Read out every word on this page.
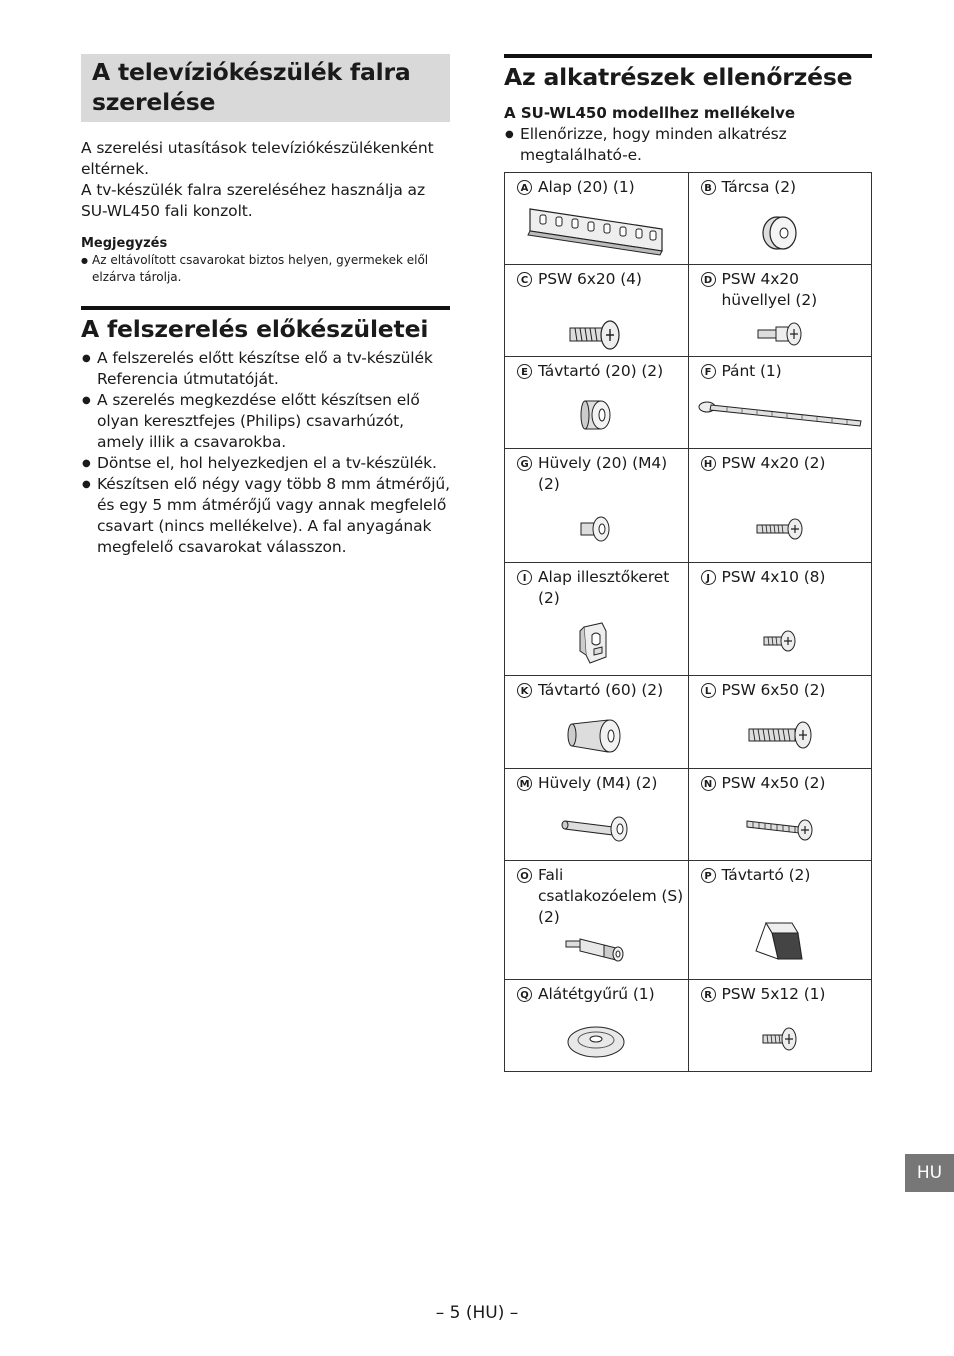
A televíziókészülék falra szerelése

A szerelési utasítások televíziókészülékenként eltérnek.

A tv-készülék falra szereléséhez használja az SU-WL450 fali konzolt.

Megjegyzés

● Az eltávolított csavarokat biztos helyen, gyermekek elől elzárva tárolja.

A felszerelés előkészületei
● A felszerelés előtt készítse elő a tv-készülék Referencia útmutatóját.
● A szerelés megkezdése előtt készítsen elő olyan keresztfejes (Philips) csavarhúzót, amely illik a csavarokba.
● Döntse el, hol helyezkedjen el a tv-készülék.
● Készítsen elő négy vagy több 8 mm átmérőjű, és egy 5 mm átmérőjű vagy annak megfelelő csavart (nincs mellékelve). A fal anyagának megfelelő csavarokat válasszon.
Az alkatrészek ellenőrzése

A SU-WL450 modellhez mellékelve

● Ellenőrizze, hogy minden alkatrész megtalálható-e.
A Alap (20) (1)	B Tárcsa (2)

C PSW 6x20 (4)	D PSW 4x20 hüvellyel (2)

E Távtartó (20) (2)	F Pánt (1)

G Hüvely (20) (M4) (2)	H PSW 4x20 (2)

I Alap illesztőkeret (2)	J PSW 4x10 (8)

K Távtartó (60) (2)	L PSW 6x50 (2)

M Hüvely (M4) (2)	N PSW 4x50 (2)

O Fali csatlakozóelem (S) (2)	P Távtartó (2)

Q Alátétgyűrű (1)	R PSW 5x12 (1)
HU
– 5 (HU) –
